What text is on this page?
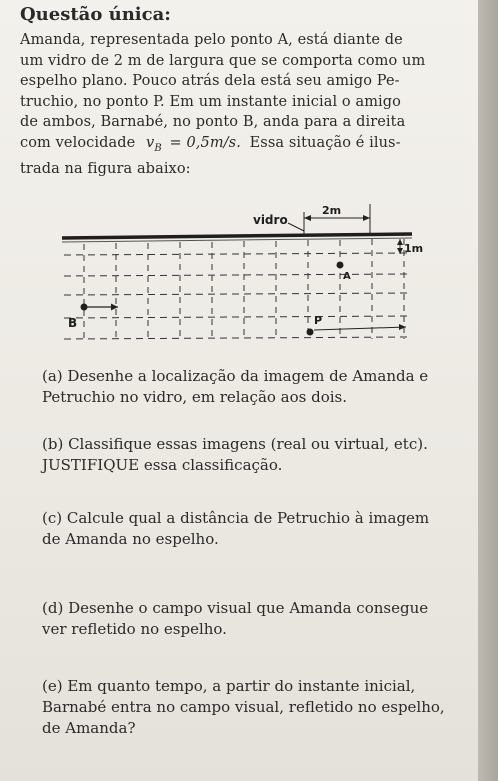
Questão única:
Amanda, representada pelo ponto A, está diante de
um vidro de 2 m de largura que se comporta como um
espelho plano. Pouco atrás dela está seu amigo Pe-
truchio, no ponto P. Em um instante inicial o amigo
de ambos, Barnabé, no ponto B, anda para a direita
com velocidade $v_B = 0,5m/s$. Essa situação é ilus-
trada na figura abaixo:
vidro
2m
1m
A
B	P
(a) Desenhe a localização da imagem de Amanda e
Petruchio no vidro, em relação aos dois.
(b) Classifique essas imagens (real ou virtual, etc).
JUSTIFIQUE essa classificação.
(c) Calcule qual a distância de Petruchio à imagem
de Amanda no espelho.
(d) Desenhe o campo visual que Amanda consegue
ver refletido no espelho.
(e) Em quanto tempo, a partir do instante inicial,
Barnabé entra no campo visual, refletido no espelho,
de Amanda?
